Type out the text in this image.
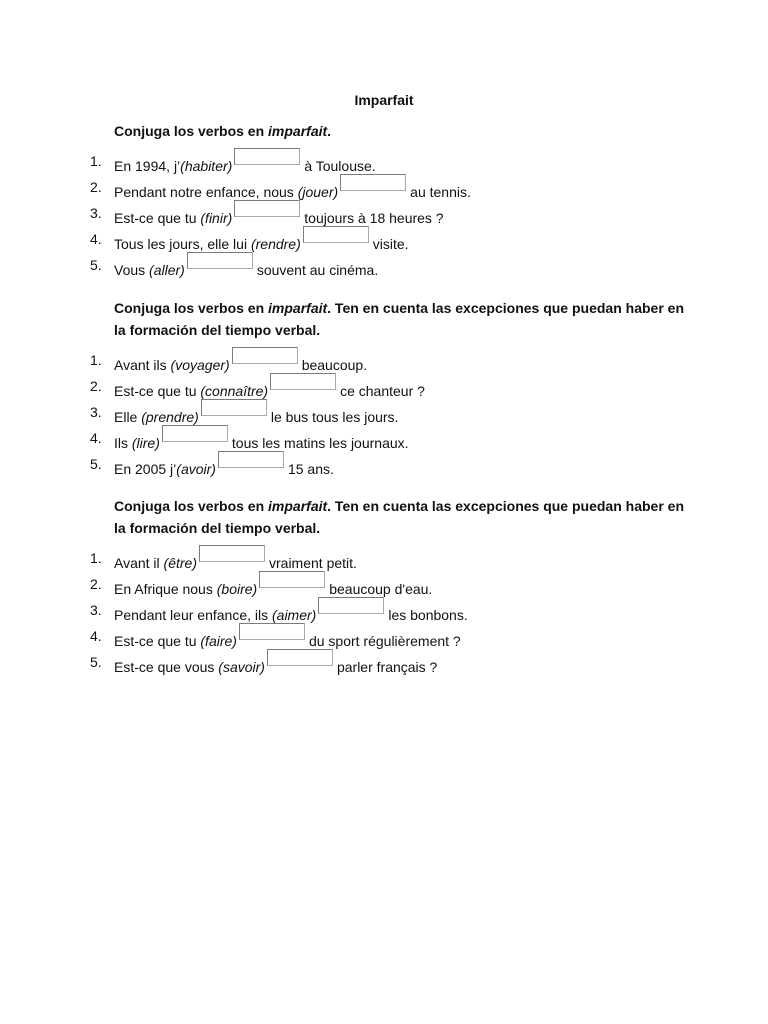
Imparfait
Conjuga los verbos en imparfait.
1. En 1994, j’(habiter)	à Toulouse.
2. Pendant notre enfance, nous (jouer)	au tennis.
3. Est-ce que tu (finir)	toujours à 18 heures ?
4. Tous les jours, elle lui (rendre)	visite.
5. Vous (aller)	souvent au cinéma.
Conjuga los verbos en imparfait. Ten en cuenta las excepciones que puedan haber en la formación del tiempo verbal.
1. Avant ils (voyager)	beaucoup.
2. Est-ce que tu (connaître)	ce chanteur ?
3. Elle (prendre)	le bus tous les jours.
4. Ils (lire)	tous les matins les journaux.
5. En 2005 j’(avoir)	15 ans.
Conjuga los verbos en imparfait. Ten en cuenta las excepciones que puedan haber en la formación del tiempo verbal.
1. Avant il (être)	vraiment petit.
2. En Afrique nous (boire)	beaucoup d'eau.
3. Pendant leur enfance, ils (aimer)	les bonbons.
4. Est-ce que tu (faire)	du sport régulièrement ?
5. Est-ce que vous (savoir)	parler français ?
